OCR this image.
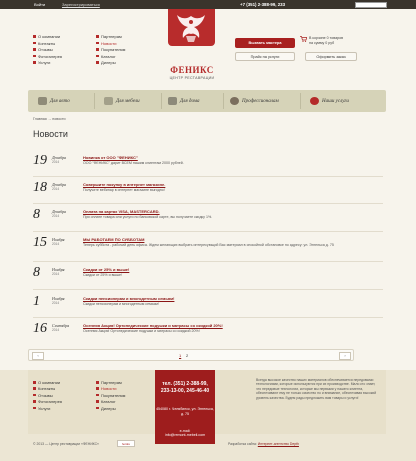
Войти	Зарегистрироваться	+7 (351) 2-388-99, 233
О компании
Контакты
Отзывы
Фотогалерея
Услуги
Партнерам
Новости
Покупателям
Каталог
Дилеры
ФЕНИКС
ЦЕНТР РЕСТАВРАЦИИ
Вызвать мастера
Прайс на услуги
В корзине 0 товаров
на сумму 0 руб
Оформить заказ
Для авто	Для мебели	Для дома	Профессионалам	Наши услуги
Главная → новости
Новости
19 Декабря
2014
Новинка от ООО "ФЕНИКС"
ООО "ФЕНИКС" дарит ВСЕМ нашим клиентам 2000 рублей.
18 Декабря
2014
Совершите покупку в интернет магазине.
Получите вебинар в интернет магазине выгодно!
8	Декабря
2014
Оплата на картах VISA, MASTERCARD.
При оплате товара или услуги по банковской карте, вы получаете скидку 1%.
15 Ноября
2014
МЫ РАБОТАЕМ ПО СУББОТАМ
Теперь суббота - рабочий день офиса. Ждем желающих выбрать интересующий Вас материал в спокойной обстановке по адресу: ул. Энгельса д. 75
8	Ноября
2014
Скидки от 25% и выше!
Скидки от 25% и выше!
1	Ноября
2014
Скидки пенсионерам и многодетным семьям!
Скидки пенсионерам и многодетным семьям!
16 Сентября
2014
Осенняя Акция! Ортопедические подушки и матрасы со скидкой 20%!
Осенняя Акция! Ортопедические подушки и матрасы со скидкой 20%!
‹	1 2	›
О компании
Контакты
Отзывы
Фотогалерея
Услуги
Партнерам
Новости
Покупателям
Каталог
Дилеры
Всегда высокое качество наших материалов обеспечивается передовыми технологиями, которые используются при их производстве. Мало кто знает, что передовые технологии, которые мы первыми у нашего клиента, обеспечивают ему не только качество но и внимание, обеспечивая высокий уровень качества. Будем рады предложить вам товары и услуги!
тел. (351) 2-388-99,
233-13-00, 245-46-40
454080 г. Челябинск, ул. Энгельса, д. 75
e-mail:
info@remont-mebeli.com
© 2013 — Центр реставрации «ФЕНИКС»	feniks	Разработка сайта: Интернет-агентство Depth
